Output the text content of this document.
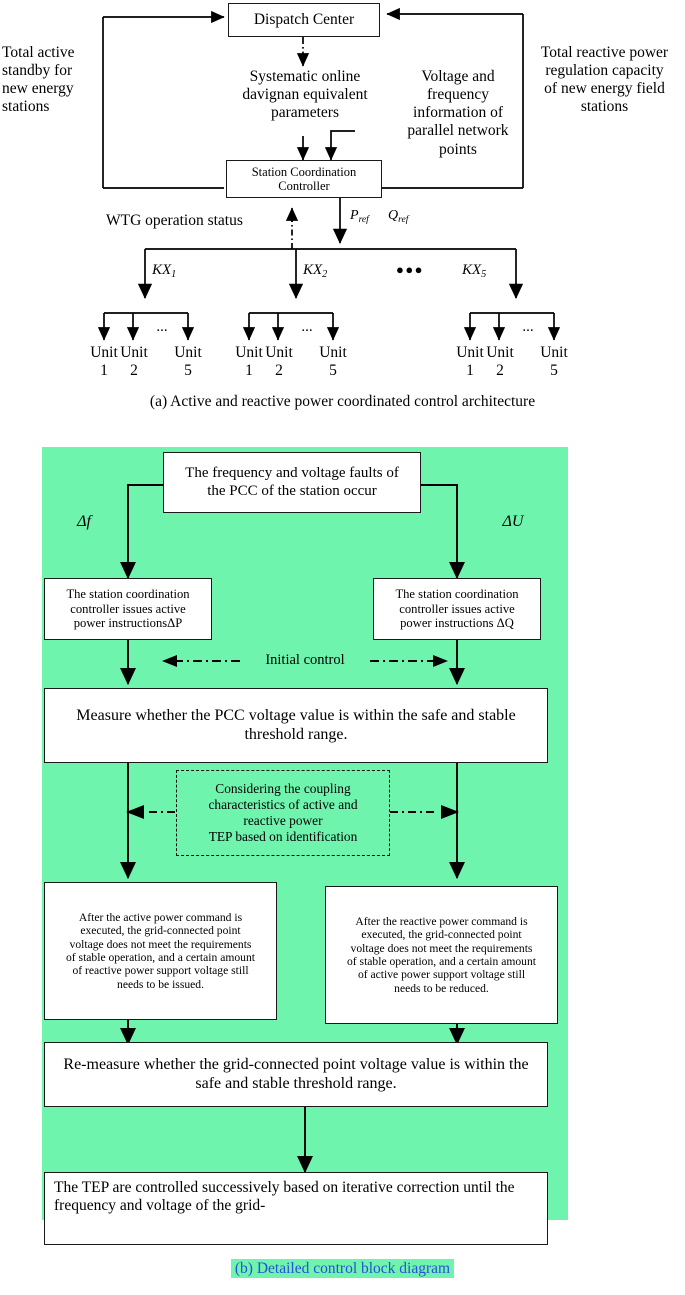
Dispatch Center
Station Coordination
Controller
Total active
standby for
new energy
stations
Total reactive power
regulation capacity
of new energy field
stations
Systematic online
davignan equivalent
parameters
Voltage and
frequency
information of
parallel network
points
WTG operation status	$P_{ref}$	$Q_{ref}$
$KX_1$	$KX_2$	$KX_5$
●●●
...	...	...
Unit
1
Unit
2
Unit
5
Unit
1
Unit
2
Unit
5
Unit
1
Unit
2
Unit
5
(a) Active and reactive power coordinated control architecture
The frequency and voltage faults of
the PCC of the station occur
Δf	ΔU
The station coordination
controller issues active
power instructionsΔP
The station coordination
controller issues active
power instructions ΔQ
Initial control
Measure whether the PCC voltage value is within the safe and stable
threshold range.
Considering the coupling
characteristics of active and
reactive power
TEP based on identification
After the active power command is
executed, the grid-connected point
voltage does not meet the requirements
of stable operation, and a certain amount
of reactive power support voltage still
needs to be issued.
After the reactive power command is
executed, the grid-connected point
voltage does not meet the requirements
of stable operation, and a certain amount
of active power support voltage still
needs to be reduced.
Re-measure whether the grid-connected point voltage value is within the
safe and stable threshold range.
The TEP are controlled successively based on iterative correction until the
frequency and voltage of the grid-
(b) Detailed control block diagram
